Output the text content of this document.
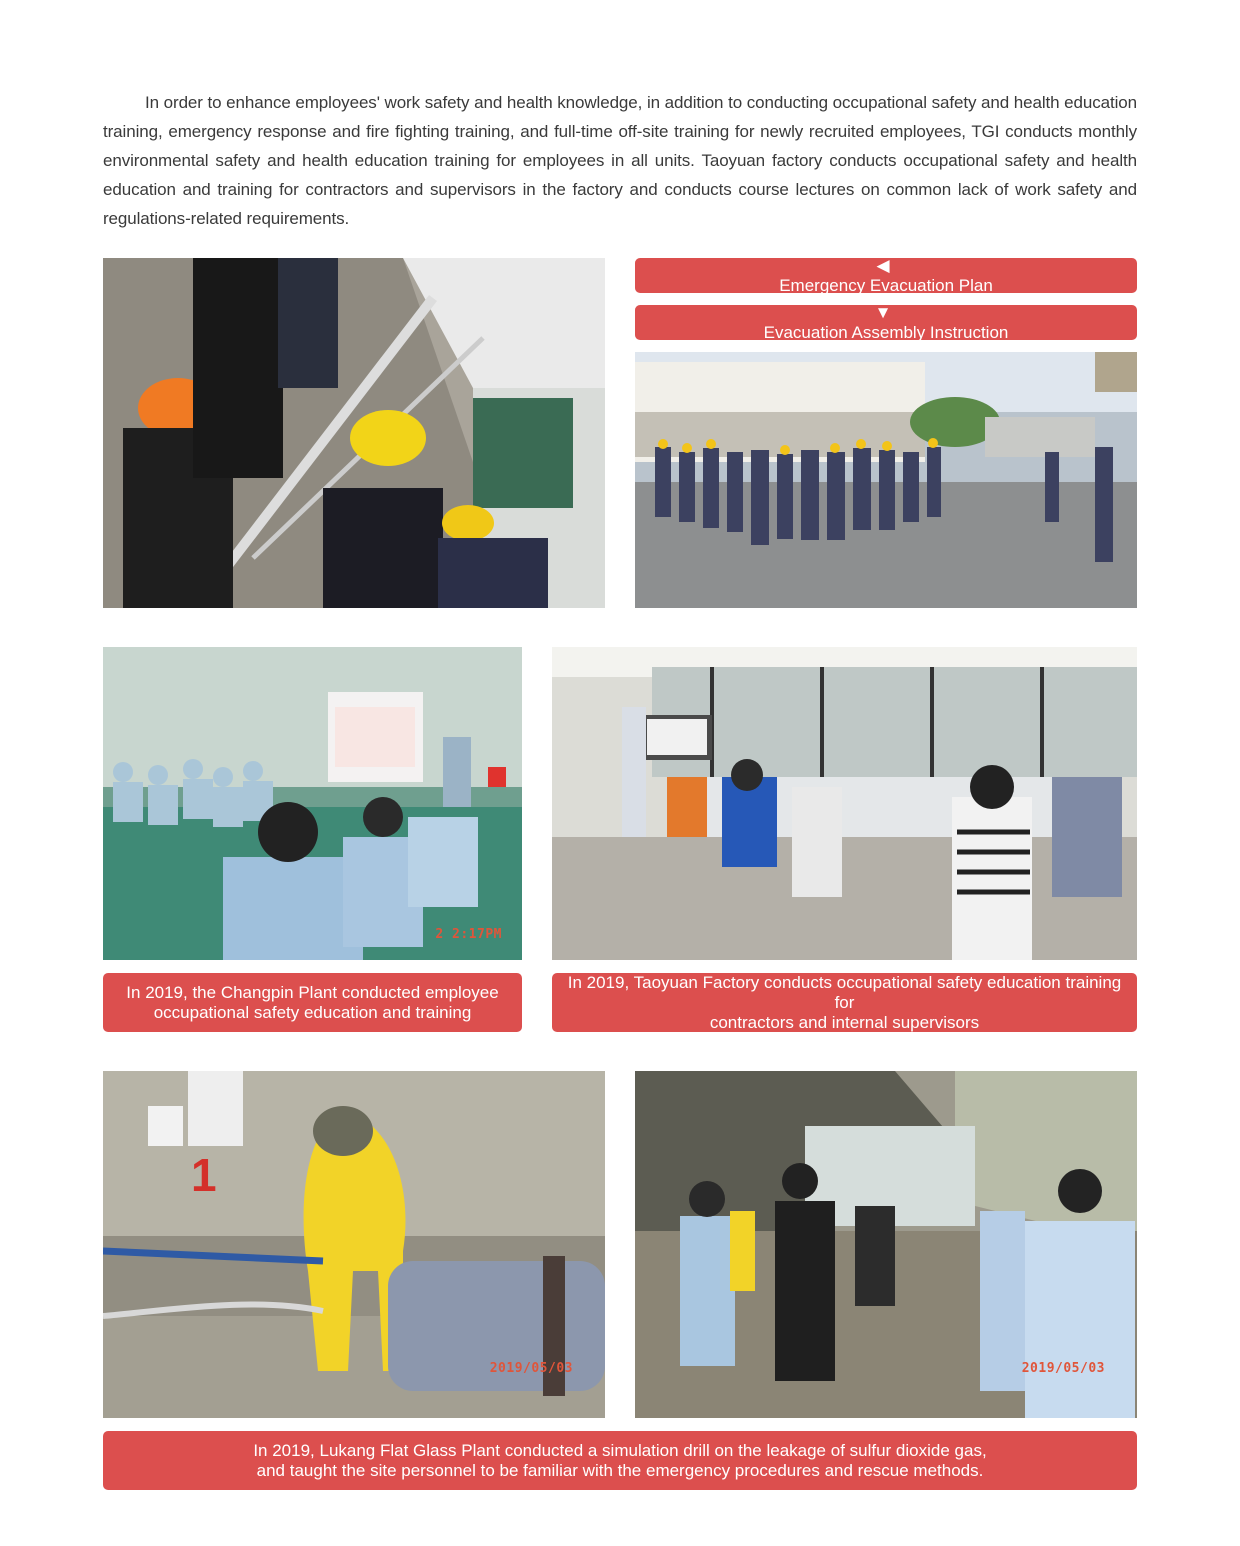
In order to enhance employees' work safety and health knowledge, in addition to conducting occupational safety and health education training, emergency response and fire fighting training, and full-time off-site training for newly recruited employees, TGI conducts monthly environmental safety and health education training for employees in all units. Taoyuan factory conducts occupational safety and health education and training for contractors and supervisors in the factory and conducts course lectures on common lack of work safety and regulations-related requirements.

◀
Emergency Evacuation Plan
▼
Evacuation Assembly Instruction
2 2:17PM
In 2019, the Changpin Plant conducted employee
occupational safety education and training
In 2019, Taoyuan Factory conducts occupational safety education training for
contractors and internal supervisors
1
2019/05/03	2019/05/03
In 2019, Lukang Flat Glass Plant conducted a simulation drill on the leakage of sulfur dioxide gas,
and taught the site personnel to be familiar with the emergency procedures and rescue methods.
